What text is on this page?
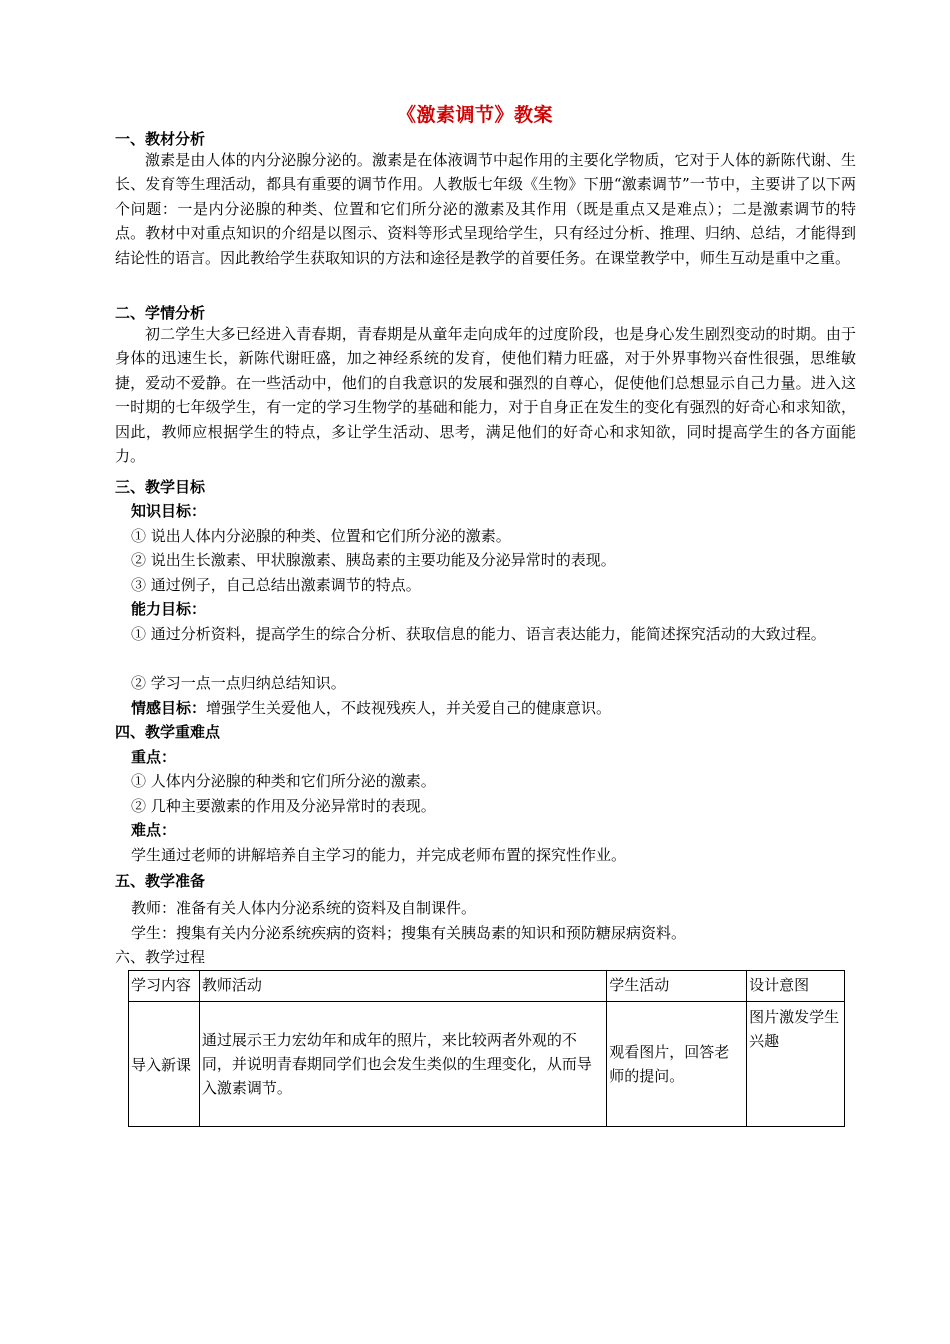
《激素调节》教案
一、教材分析

激素是由人体的内分泌腺分泌的。激素是在体液调节中起作用的主要化学物质，它对于人体的新陈代谢、生长、发育等生理活动，都具有重要的调节作用。人教版七年级《生物》下册“激素调节”一节中，主要讲了以下两个问题：一是内分泌腺的种类、位置和它们所分泌的激素及其作用（既是重点又是难点）；二是激素调节的特点。教材中对重点知识的介绍是以图示、资料等形式呈现给学生，只有经过分析、推理、归纳、总结，才能得到结论性的语言。因此教给学生获取知识的方法和途径是教学的首要任务。在课堂教学中，师生互动是重中之重。

二、学情分析

初二学生大多已经进入青春期，青春期是从童年走向成年的过度阶段，也是身心发生剧烈变动的时期。由于身体的迅速生长，新陈代谢旺盛，加之神经系统的发育，使他们精力旺盛，对于外界事物兴奋性很强，思维敏捷，爱动不爱静。在一些活动中，他们的自我意识的发展和强烈的自尊心，促使他们总想显示自己力量。进入这一时期的七年级学生，有一定的学习生物学的基础和能力，对于自身正在发生的变化有强烈的好奇心和求知欲，因此，教师应根据学生的特点，多让学生活动、思考，满足他们的好奇心和求知欲，同时提高学生的各方面能力。

三、教学目标
知识目标：
① 说出人体内分泌腺的种类、位置和它们所分泌的激素。
② 说出生长激素、甲状腺激素、胰岛素的主要功能及分泌异常时的表现。
③ 通过例子，自己总结出激素调节的特点。
能力目标：

① 通过分析资料，提高学生的综合分析、获取信息的能力、语言表达能力，能简述探究活动的大致过程。

② 学习一点一点归纳总结知识。
情感目标：增强学生关爱他人，不歧视残疾人，并关爱自己的健康意识。
四、教学重难点
重点：
① 人体内分泌腺的种类和它们所分泌的激素。
② 几种主要激素的作用及分泌异常时的表现。
难点：
学生通过老师的讲解培养自主学习的能力，并完成老师布置的探究性作业。
五、教学准备
教师：准备有关人体内分泌系统的资料及自制课件。
学生：搜集有关内分泌系统疾病的资料；搜集有关胰岛素的知识和预防糖尿病资料。
六、教学过程
学习内容	教师活动	学生活动	设计意图
导入新课	通过展示王力宏幼年和成年的照片，来比较两者外观的不同，并说明青春期同学们也会发生类似的生理变化，从而导入激素调节。	观看图片，回答老师的提问。	图片激发学生兴趣
